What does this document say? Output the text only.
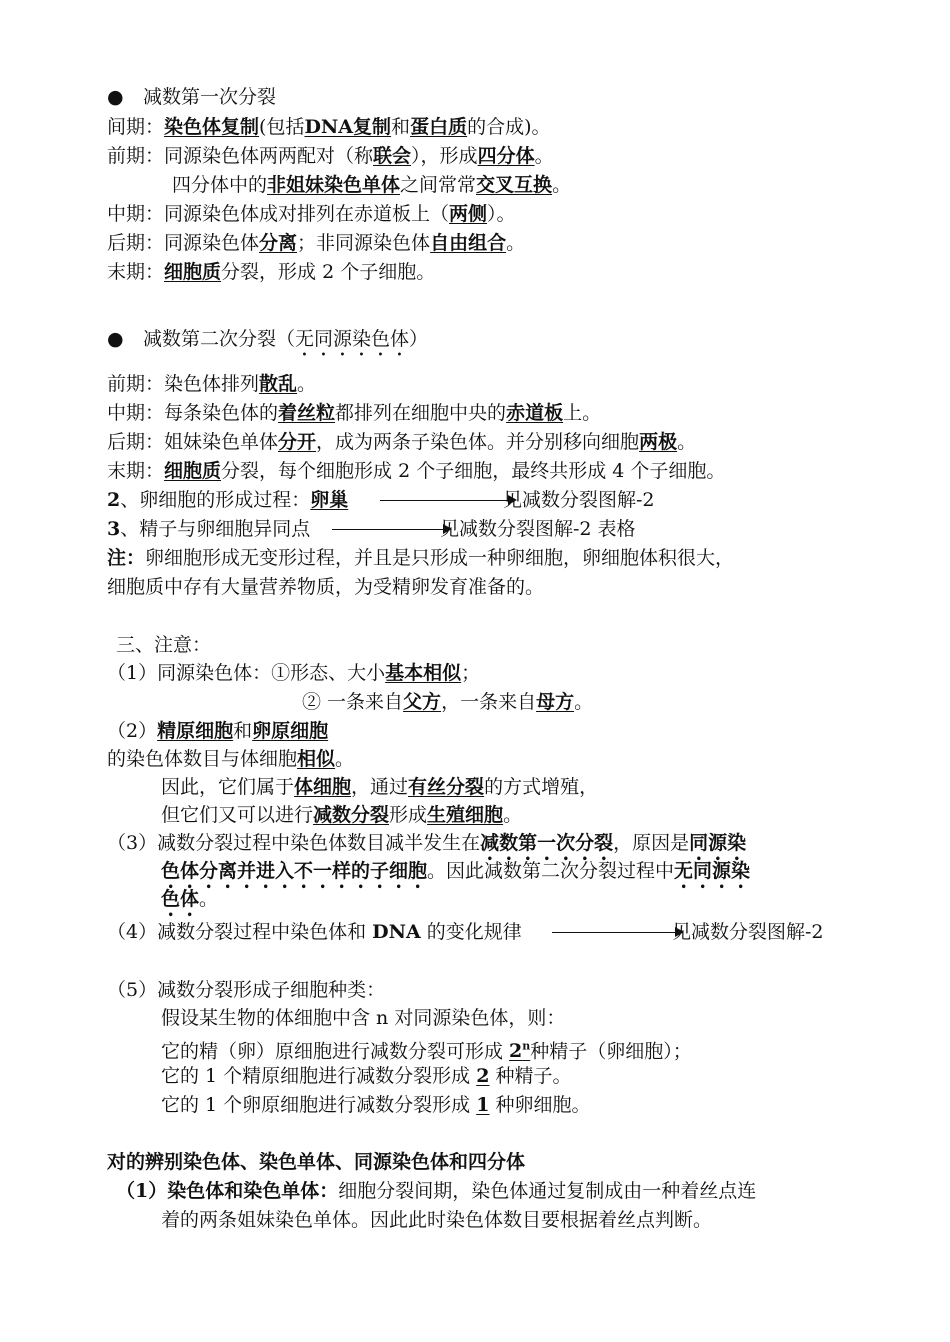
● 减数第一次分裂
间期：染色体复制(包括DNA复制和蛋白质的合成)。
前期：同源染色体两两配对（称联会），形成四分体。
四分体中的非姐妹染色单体之间常常交叉互换。
中期：同源染色体成对排列在赤道板上（两侧）。
后期：同源染色体分离；非同源染色体自由组合。
末期：细胞质分裂，形成 2 个子细胞。
● 减数第二次分裂（无同源染色体）
前期：染色体排列散乱。
中期：每条染色体的着丝粒都排列在细胞中央的赤道板上。
后期：姐妹染色单体分开，成为两条子染色体。并分别移向细胞两极。
末期：细胞质分裂，每个细胞形成 2 个子细胞，最终共形成 4 个子细胞。
2、卵细胞的形成过程：卵巢	见减数分裂图解-2
3、精子与卵细胞异同点	见减数分裂图解-2 表格
注：卵细胞形成无变形过程，并且是只形成一种卵细胞，卵细胞体积很大，
细胞质中存有大量营养物质，为受精卵发育准备的。
三、注意：
（1）同源染色体：①形态、大小基本相似；
② 一条来自父方，一条来自母方。
（2）精原细胞和卵原细胞
的染色体数目与体细胞相似。
因此，它们属于体细胞，通过有丝分裂的方式增殖，
但它们又可以进行减数分裂形成生殖细胞。
（3）减数分裂过程中染色体数目减半发生在减数第一次分裂，原因是同源染
色体分离并进入不一样的子细胞。因此减数第二次分裂过程中无同源染
色体。
（4）减数分裂过程中染色体和 DNA 的变化规律	见减数分裂图解-2
（5）减数分裂形成子细胞种类：
假设某生物的体细胞中含 n 对同源染色体，则：
它的精（卵）原细胞进行减数分裂可形成 2$^n$种精子（卵细胞）；
它的 1 个精原细胞进行减数分裂形成 2 种精子。
它的 1 个卵原细胞进行减数分裂形成 1 种卵细胞。
对的辨别染色体、染色单体、同源染色体和四分体
（1）染色体和染色单体：细胞分裂间期，染色体通过复制成由一种着丝点连
着的两条姐妹染色单体。因此此时染色体数目要根据着丝点判断。
